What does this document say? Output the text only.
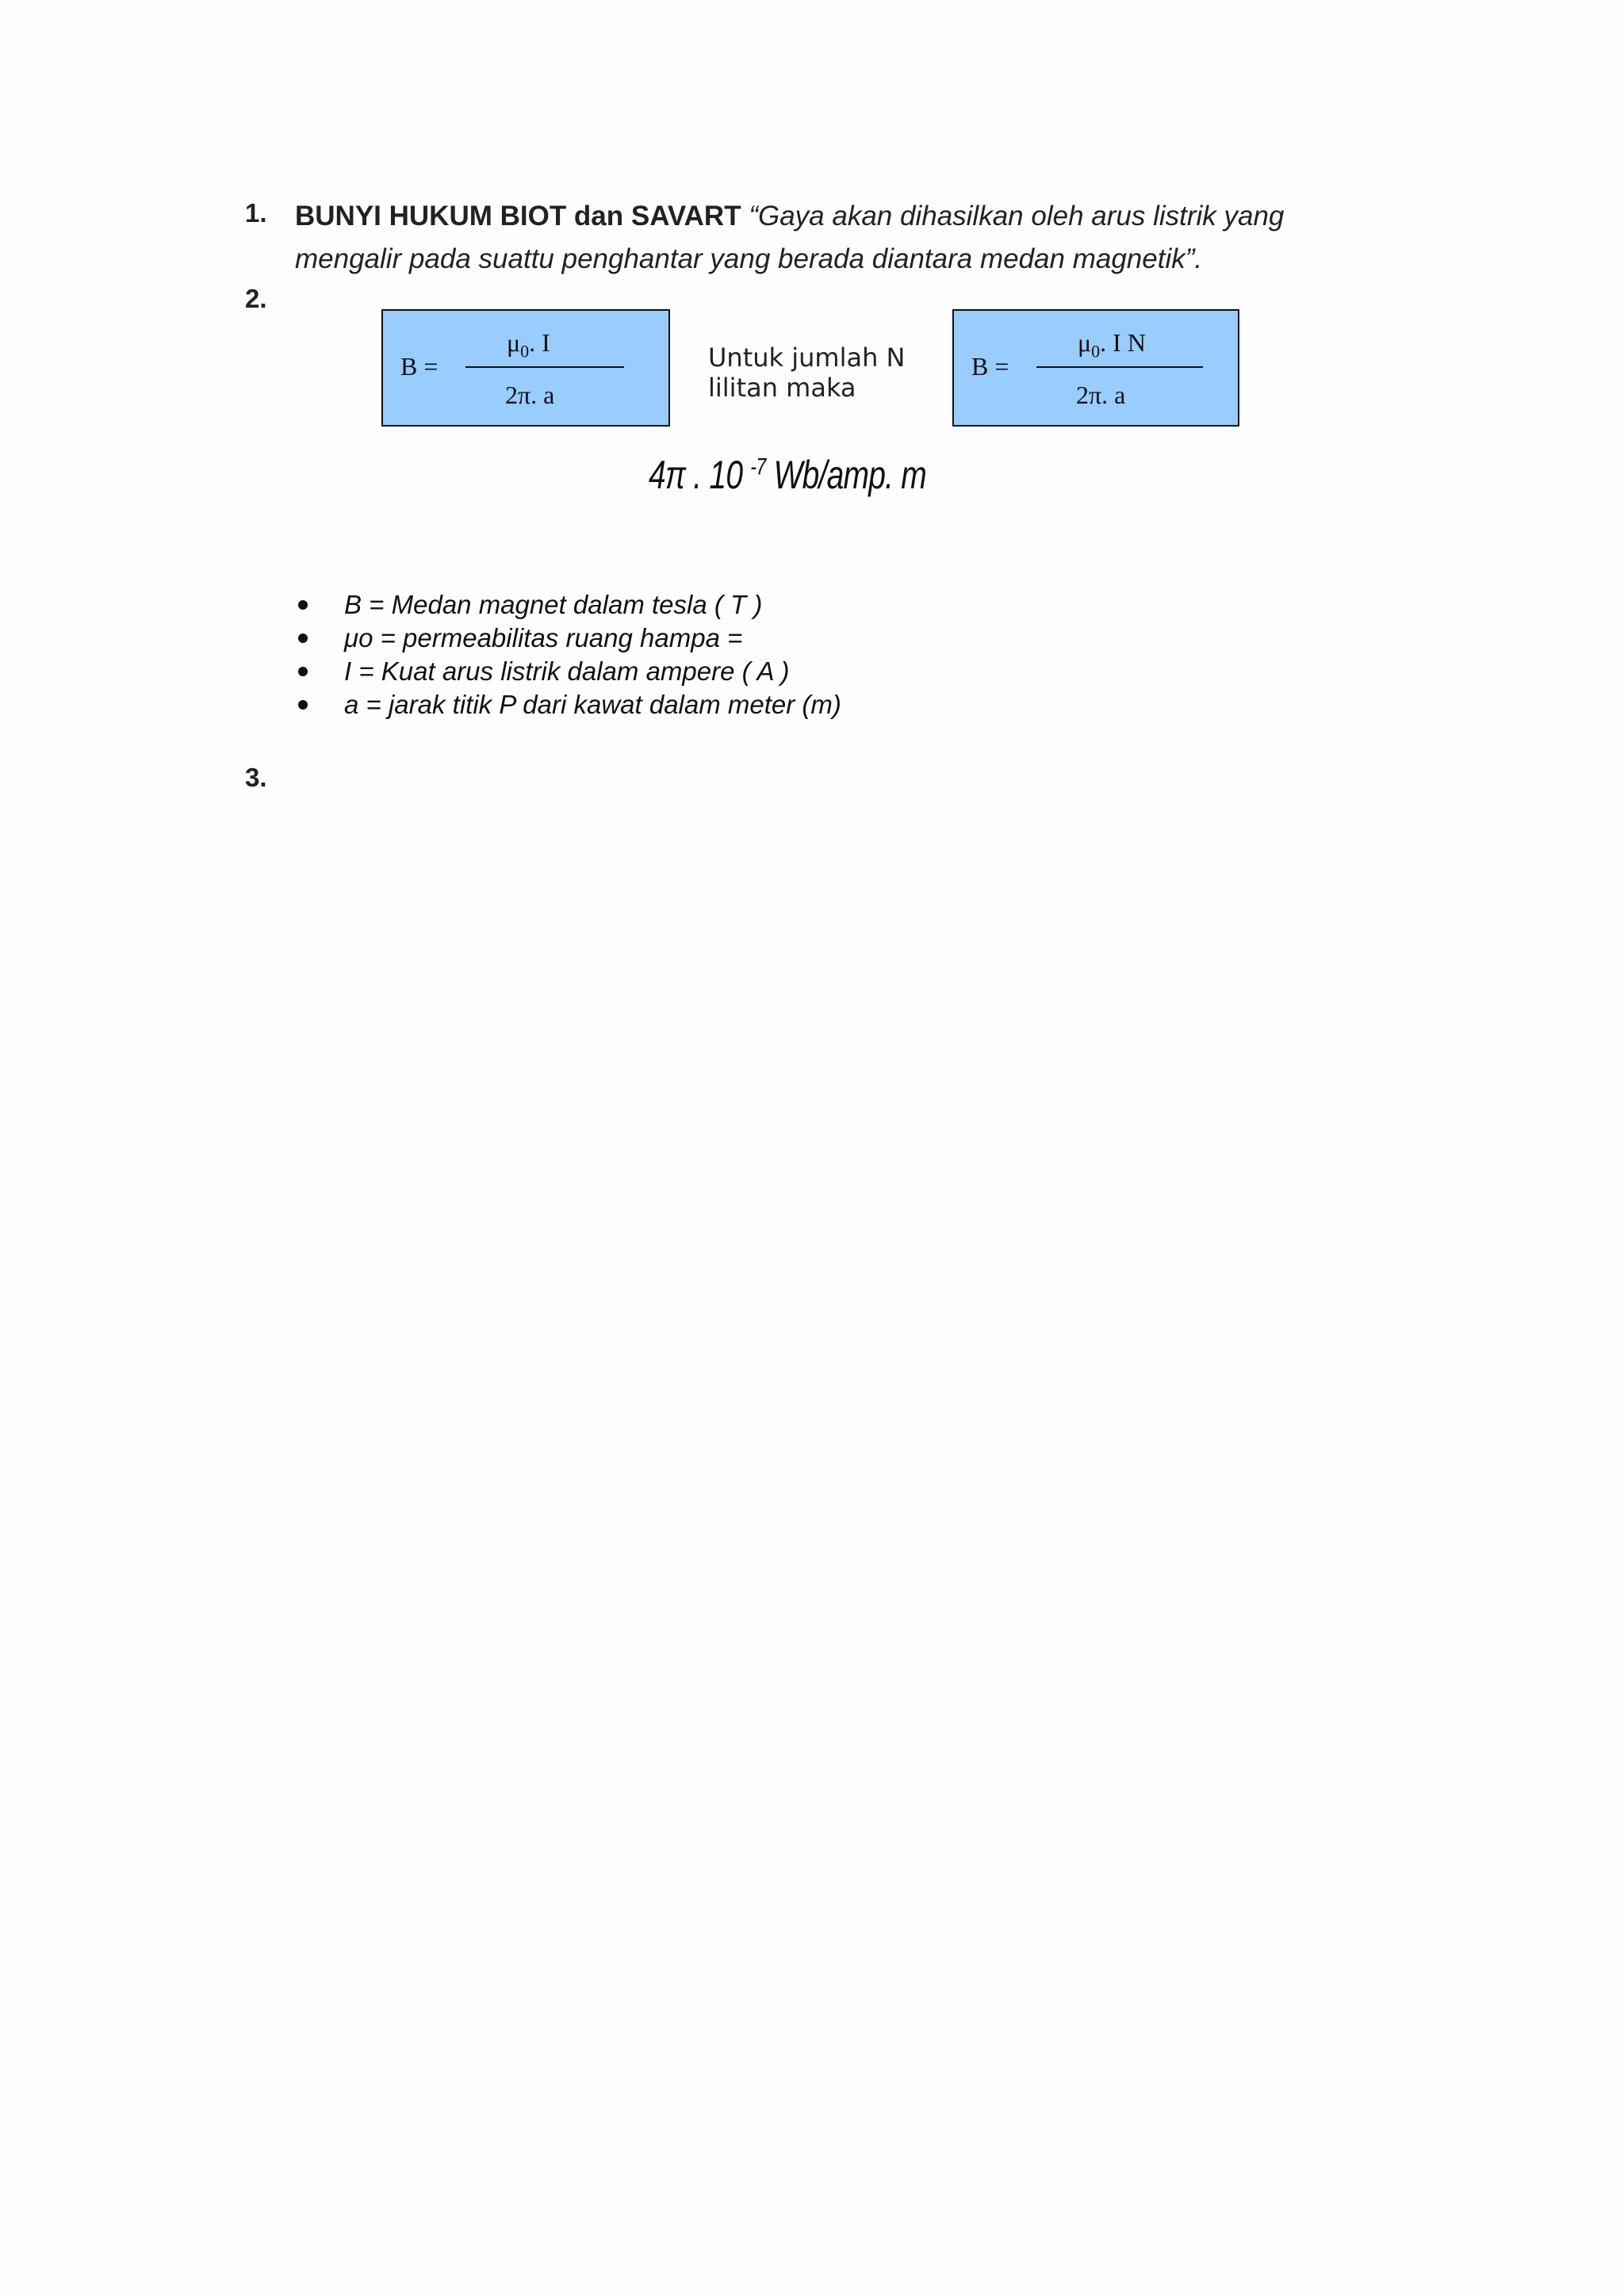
1. BUNYI HUKUM BIOT dan SAVART “Gaya akan dihasilkan oleh arus listrik yang mengalir pada suattu penghantar yang berada diantara medan magnetik”.
2.
B =
$\mu_0$. I
2π. a
Untuk jumlah N
lilitan maka
B =
$\mu_0$. I N
2π. a
4π . 10 $^{-7}$ Wb/amp. m
B = Medan magnet dalam tesla ( T )
μo = permeabilitas ruang hampa =
I = Kuat arus listrik dalam ampere ( A )
a = jarak titik P dari kawat dalam meter (m)
3.
